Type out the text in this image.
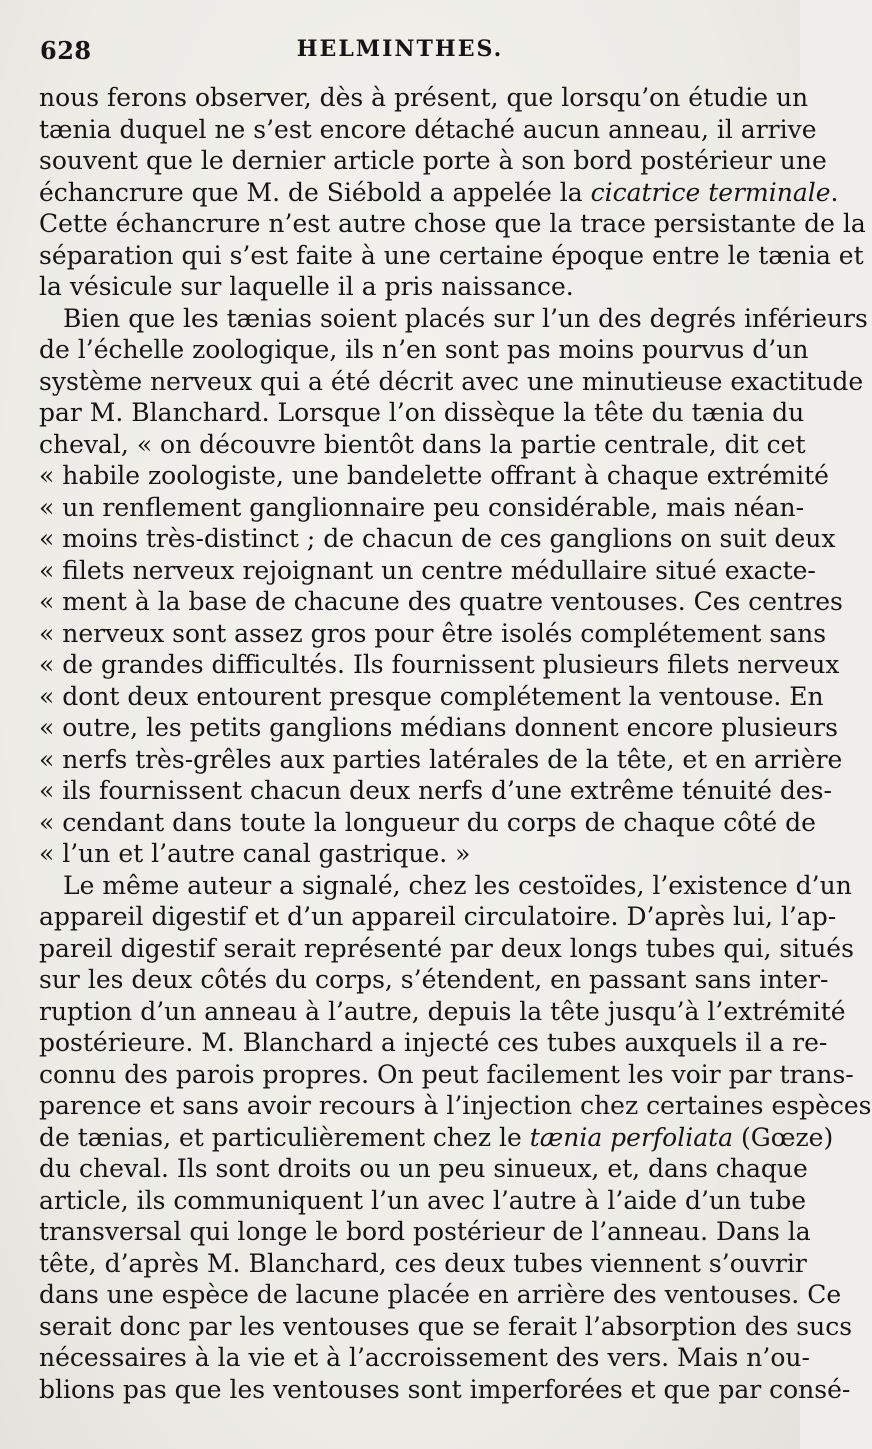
628	HELMINTHES.
nous ferons observer, dès à présent, que lorsqu’on étudie un
tænia duquel ne s’est encore détaché aucun anneau, il arrive
souvent que le dernier article porte à son bord postérieur une
échancrure que M. de Siébold a appelée la cicatrice terminale.
Cette échancrure n’est autre chose que la trace persistante de la
séparation qui s’est faite à une certaine époque entre le tænia et
la vésicule sur laquelle il a pris naissance.
Bien que les tænias soient placés sur l’un des degrés inférieurs
de l’échelle zoologique, ils n’en sont pas moins pourvus d’un
système nerveux qui a été décrit avec une minutieuse exactitude
par M. Blanchard. Lorsque l’on dissèque la tête du tænia du
cheval, « on découvre bientôt dans la partie centrale, dit cet
« habile zoologiste, une bandelette offrant à chaque extrémité
« un renflement ganglionnaire peu considérable, mais néan-
« moins très-distinct ; de chacun de ces ganglions on suit deux
« filets nerveux rejoignant un centre médullaire situé exacte-
« ment à la base de chacune des quatre ventouses. Ces centres
« nerveux sont assez gros pour être isolés complétement sans
« de grandes difficultés. Ils fournissent plusieurs filets nerveux
« dont deux entourent presque complétement la ventouse. En
« outre, les petits ganglions médians donnent encore plusieurs
« nerfs très-grêles aux parties latérales de la tête, et en arrière
« ils fournissent chacun deux nerfs d’une extrême ténuité des-
« cendant dans toute la longueur du corps de chaque côté de
« l’un et l’autre canal gastrique. »
Le même auteur a signalé, chez les cestoïdes, l’existence d’un
appareil digestif et d’un appareil circulatoire. D’après lui, l’ap-
pareil digestif serait représenté par deux longs tubes qui, situés
sur les deux côtés du corps, s’étendent, en passant sans inter-
ruption d’un anneau à l’autre, depuis la tête jusqu’à l’extrémité
postérieure. M. Blanchard a injecté ces tubes auxquels il a re-
connu des parois propres. On peut facilement les voir par trans-
parence et sans avoir recours à l’injection chez certaines espèces
de tænias, et particulièrement chez le tænia perfoliata (Gœze)
du cheval. Ils sont droits ou un peu sinueux, et, dans chaque
article, ils communiquent l’un avec l’autre à l’aide d’un tube
transversal qui longe le bord postérieur de l’anneau. Dans la
tête, d’après M. Blanchard, ces deux tubes viennent s’ouvrir
dans une espèce de lacune placée en arrière des ventouses. Ce
serait donc par les ventouses que se ferait l’absorption des sucs
nécessaires à la vie et à l’accroissement des vers. Mais n’ou-
blions pas que les ventouses sont imperforées et que par consé-
